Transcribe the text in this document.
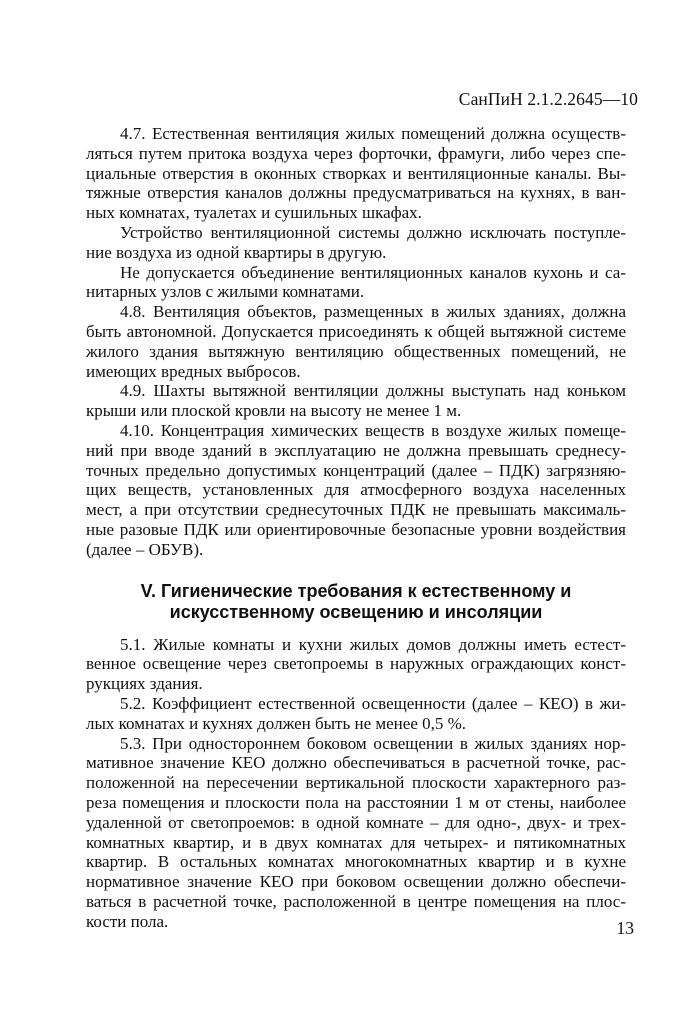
СанПиН 2.1.2.2645—10

4.7. Естественная вентиляция жилых помещений должна осуществляться путем притока воздуха через форточки, фрамуги, либо через специальные отверстия в оконных створках и вентиляционные каналы. Вытяжные отверстия каналов должны предусматриваться на кухнях, в ванных комнатах, туалетах и сушильных шкафах.

Устройство вентиляционной системы должно исключать поступление воздуха из одной квартиры в другую.

Не допускается объединение вентиляционных каналов кухонь и санитарных узлов с жилыми комнатами.

4.8. Вентиляция объектов, размещенных в жилых зданиях, должна быть автономной. Допускается присоединять к общей вытяжной системе жилого здания вытяжную вентиляцию общественных помещений, не имеющих вредных выбросов.

4.9. Шахты вытяжной вентиляции должны выступать над коньком крыши или плоской кровли на высоту не менее 1 м.

4.10. Концентрация химических веществ в воздухе жилых помещений при вводе зданий в эксплуатацию не должна превышать среднесуточных предельно допустимых концентраций (далее – ПДК) загрязняющих веществ, установленных для атмосферного воздуха населенных мест, а при отсутствии среднесуточных ПДК не превышать максимальные разовые ПДК или ориентировочные безопасные уровни воздействия (далее – ОБУВ).

V. Гигиенические требования к естественному и искусственному освещению и инсоляции

5.1. Жилые комнаты и кухни жилых домов должны иметь естественное освещение через светопроемы в наружных ограждающих конструкциях здания.

5.2. Коэффициент естественной освещенности (далее – КЕО) в жилых комнатах и кухнях должен быть не менее 0,5 %.

5.3. При одностороннем боковом освещении в жилых зданиях нормативное значение КЕО должно обеспечиваться в расчетной точке, расположенной на пересечении вертикальной плоскости характерного разреза помещения и плоскости пола на расстоянии 1 м от стены, наиболее удаленной от светопроемов: в одной комнате – для одно-, двух- и трехкомнатных квартир, и в двух комнатах для четырех- и пятикомнатных квартир. В остальных комнатах многокомнатных квартир и в кухне нормативное значение КЕО при боковом освещении должно обеспечиваться в расчетной точке, расположенной в центре помещения на плоскости пола.	13
